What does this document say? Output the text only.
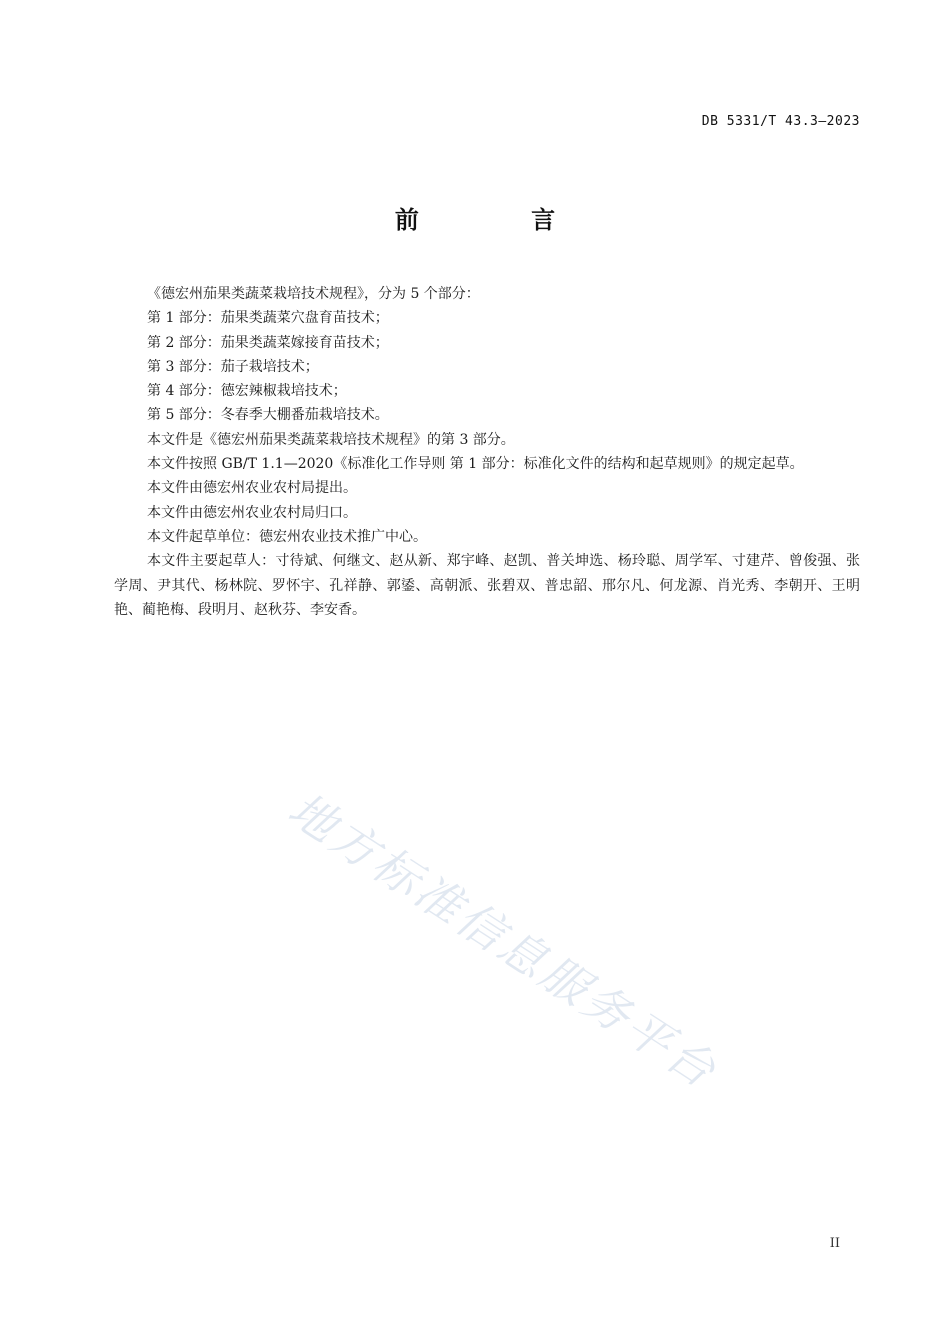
DB 5331/T 43.3—2023
前 言

《德宏州茄果类蔬菜栽培技术规程》，分为 5 个部分：

第 1 部分：茄果类蔬菜穴盘育苗技术；

第 2 部分：茄果类蔬菜嫁接育苗技术；

第 3 部分：茄子栽培技术；

第 4 部分：德宏辣椒栽培技术；

第 5 部分：冬春季大棚番茄栽培技术。

本文件是《德宏州茄果类蔬菜栽培技术规程》的第 3 部分。

本文件按照 GB/T 1.1—2020《标准化工作导则 第 1 部分：标准化文件的结构和起草规则》的规定起草。

本文件由德宏州农业农村局提出。

本文件由德宏州农业农村局归口。

本文件起草单位：德宏州农业技术推广中心。

本文件主要起草人：寸待斌、何继文、赵从新、郑宇峰、赵凯、普关坤选、杨玲聪、周学军、寸建芹、曾俊强、张学周、尹其代、杨林院、罗怀宇、孔祥静、郭鋈、高朝派、张碧双、普忠韶、邢尔凡、何龙源、肖光秀、李朝开、王明艳、蔺艳梅、段明月、赵秋芬、李安香。

地方标准信息服务平台
II
